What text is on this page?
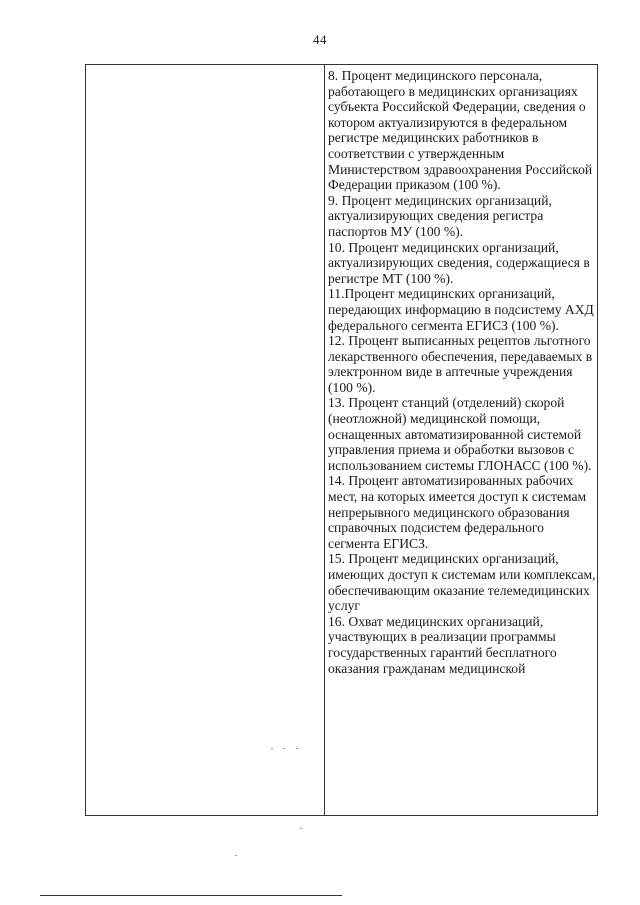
44

8. Процент медицинского персонала, работающего в медицинских организациях субъекта Российской Федерации, сведения о котором актуализируются в федеральном регистре медицинских работников в соответствии с утвержденным Министерством здравоохранения Российской Федерации приказом (100 %).

9. Процент медицинских организаций, актуализирующих сведения регистра паспортов МУ (100 %).

10. Процент медицинских организаций, актуализирующих сведения, содержащиеся в регистре МТ (100 %).

11.Процент медицинских организаций, передающих информацию в подсистему АХД федерального сегмента ЕГИСЗ (100 %).

12. Процент выписанных рецептов льготного лекарственного обеспечения, передаваемых в электронном виде в аптечные учреждения (100 %).

13. Процент станций (отделений) скорой (неотложной) медицинской помощи, оснащенных автоматизированной системой управления приема и обработки вызовов с использованием системы ГЛОНАСС (100 %).

14. Процент автоматизированных рабочих мест, на которых имеется доступ к системам непрерывного медицинского образования справочных подсистем федерального сегмента ЕГИСЗ.

15. Процент медицинских организаций, имеющих доступ к системам или комплексам, обеспечивающим оказание телемедицинских услуг

16. Охват медицинских организаций, участвующих в реализации программы государственных гарантий бесплатного оказания гражданам медицинской
